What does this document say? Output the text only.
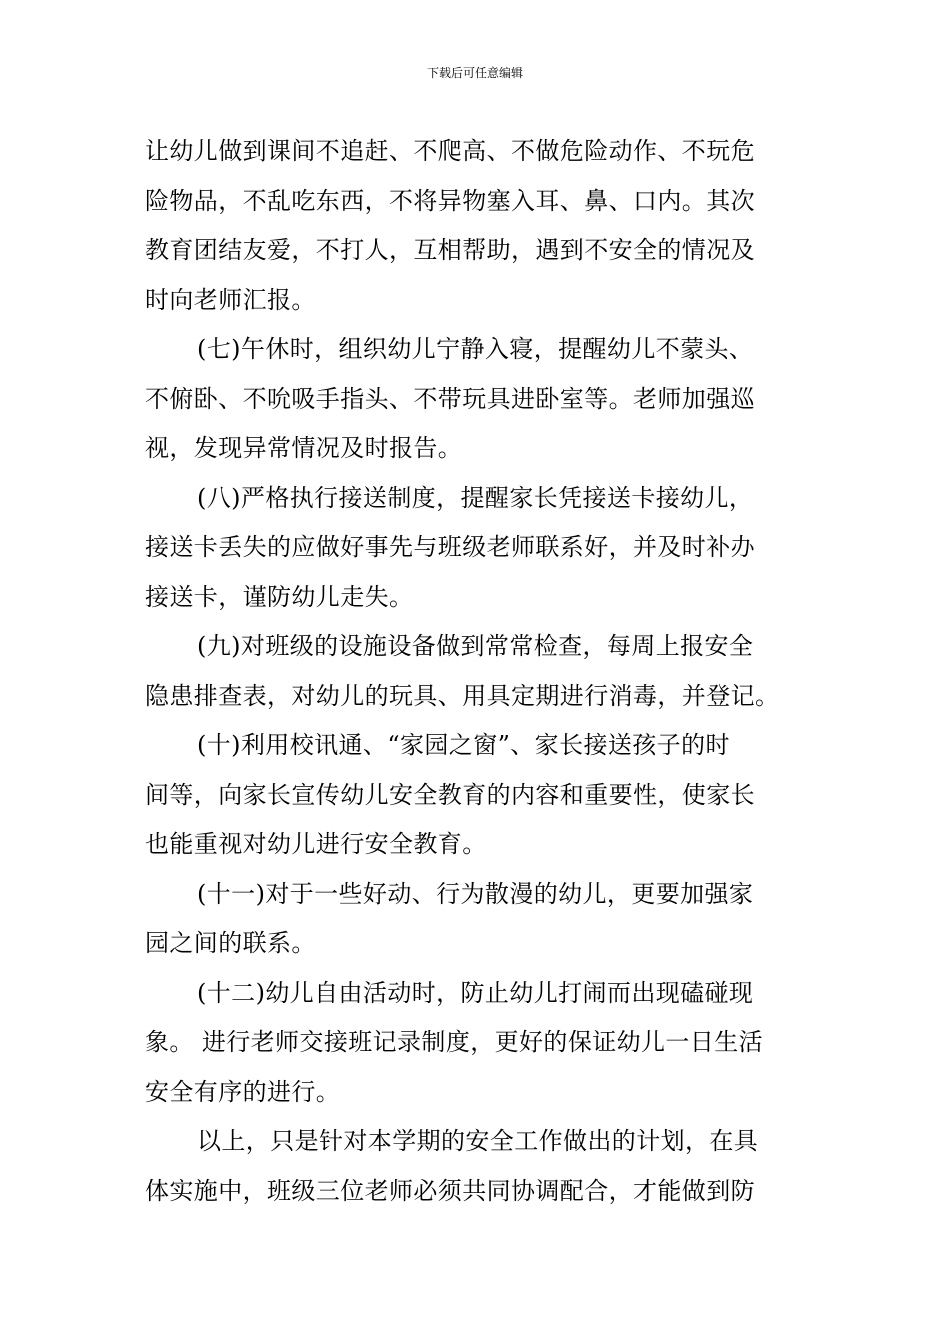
下载后可任意编辑
让幼儿做到课间不追赶、不爬高、不做危险动作、不玩危
险物品，不乱吃东西，不将异物塞入耳、鼻、口内。其次
教育团结友爱，不打人，互相帮助，遇到不安全的情况及
时向老师汇报。
(七)午休时，组织幼儿宁静入寝，提醒幼儿不蒙头、
不俯卧、不吮吸手指头、不带玩具进卧室等。老师加强巡
视，发现异常情况及时报告。
(八)严格执行接送制度，提醒家长凭接送卡接幼儿，
接送卡丢失的应做好事先与班级老师联系好，并及时补办
接送卡，谨防幼儿走失。
(九)对班级的设施设备做到常常检查，每周上报安全
隐患排查表，对幼儿的玩具、用具定期进行消毒，并登记。
(十)利用校讯通、“家园之窗”、家长接送孩子的时
间等，向家长宣传幼儿安全教育的内容和重要性，使家长
也能重视对幼儿进行安全教育。
(十一)对于一些好动、行为散漫的幼儿，更要加强家
园之间的联系。
(十二)幼儿自由活动时，防止幼儿打闹而出现磕碰现
象。 进行老师交接班记录制度，更好的保证幼儿一日生活
安全有序的进行。
以上，只是针对本学期的安全工作做出的计划，在具
体实施中，班级三位老师必须共同协调配合，才能做到防
